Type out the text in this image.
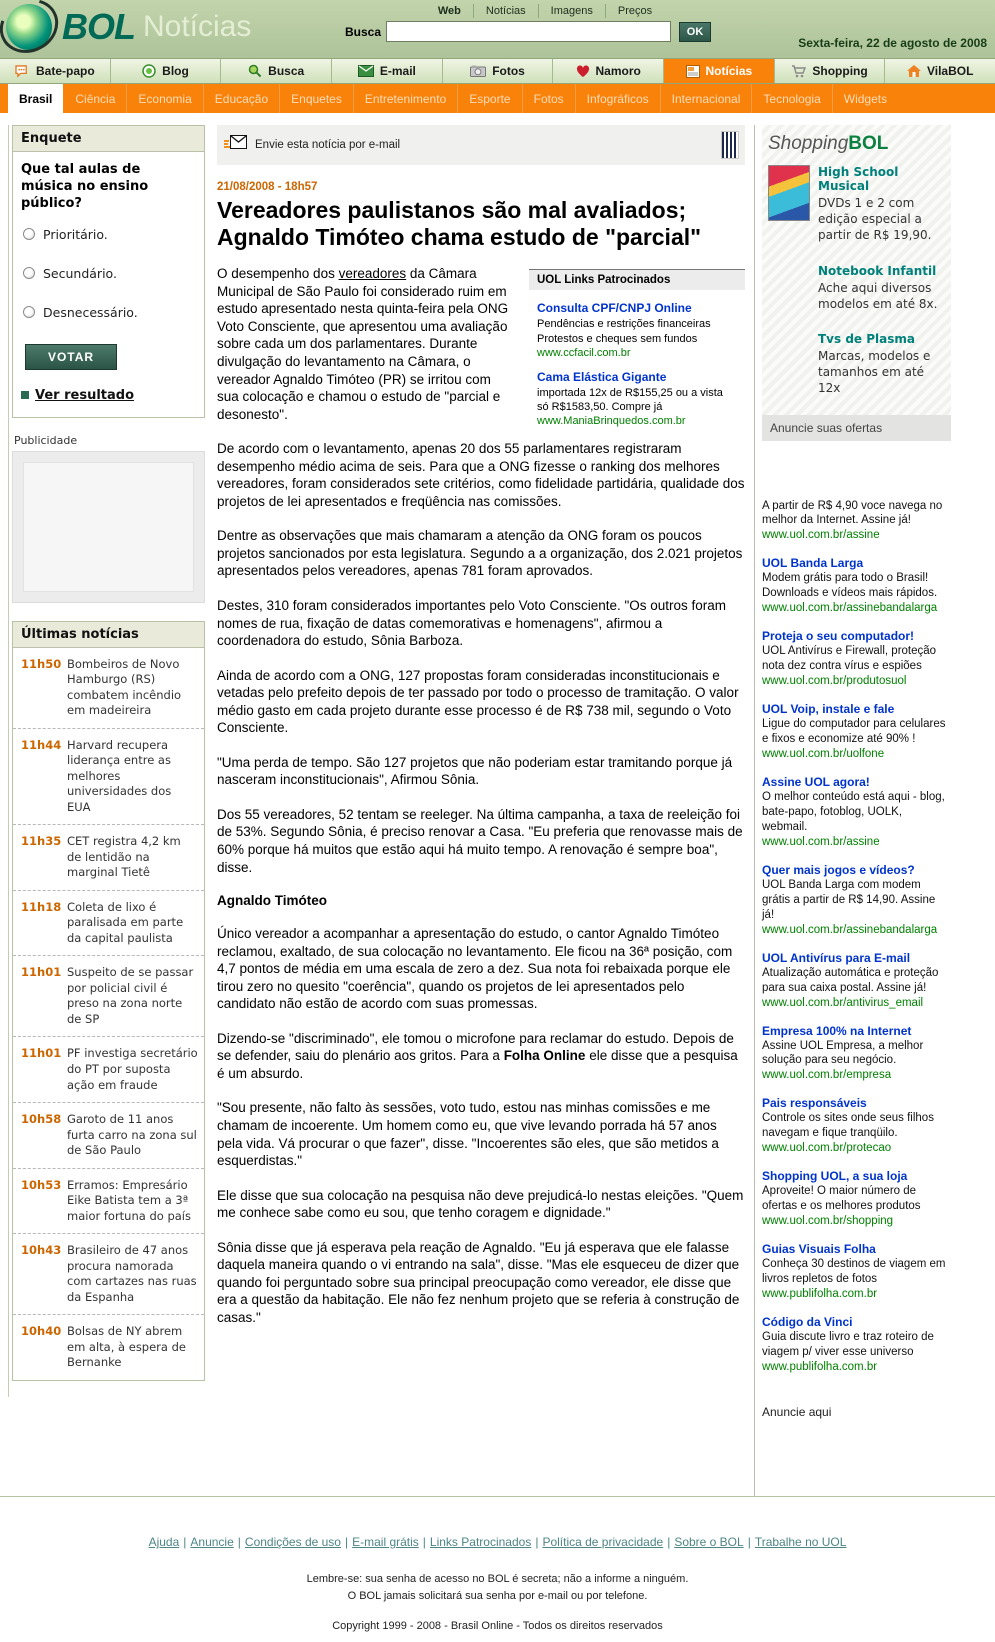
BOL Notícias	Web	Notícias	Imagens	Preços
Busca	OK
Sexta-feira, 22 de agosto de 2008
Bate-papo	Blog	Busca	E-mail	Fotos	Namoro	Notícias	Shopping	VilaBOL
Brasil	Ciência	Economia	Educação	Enquetes	Entretenimento	Esporte	Fotos	Infográficos	Internacional	Tecnologia	Widgets
Enquete
Que tal aulas de música no ensino público?
Prioritário.
Secundário.
Desnecessário.
VOTAR
Ver resultado
Publicidade
Últimas notícias
11h50 Bombeiros de Novo Hamburgo (RS) combatem incêndio em madeireira
11h44 Harvard recupera liderança entre as melhores universidades dos EUA
11h35 CET registra 4,2 km de lentidão na marginal Tietê
11h18 Coleta de lixo é paralisada em parte da capital paulista
11h01 Suspeito de se passar por policial civil é preso na zona norte de SP
11h01 PF investiga secretário do PT por suposta ação em fraude
10h58 Garoto de 11 anos furta carro na zona sul de São Paulo
10h53 Erramos: Empresário Eike Batista tem a 3ª maior fortuna do país
10h43 Brasileiro de 47 anos procura namorada com cartazes nas ruas da Espanha
10h40 Bolsas de NY abrem em alta, à espera de Bernanke
Envie esta notícia por e-mail
21/08/2008 - 18h57
Vereadores paulistanos são mal avaliados; Agnaldo Timóteo chama estudo de "parcial"
UOL Links Patrocinados
Consulta CPF/CNPJ Online
Pendências e restrições financeiras Protestos e cheques sem fundos
www.ccfacil.com.br
Cama Elástica Gigante
importada 12x de R$155,25 ou a vista só R$1583,50. Compre já
www.ManiaBrinquedos.com.br

O desempenho dos vereadores da Câmara Municipal de São Paulo foi considerado ruim em estudo apresentado nesta quinta-feira pela ONG Voto Consciente, que apresentou uma avaliação sobre cada um dos parlamentares. Durante divulgação do levantamento na Câmara, o vereador Agnaldo Timóteo (PR) se irritou com sua colocação e chamou o estudo de "parcial e desonesto".

De acordo com o levantamento, apenas 20 dos 55 parlamentares registraram desempenho médio acima de seis. Para que a ONG fizesse o ranking dos melhores vereadores, foram considerados sete critérios, como fidelidade partidária, qualidade dos projetos de lei apresentados e freqüência nas comissões.

Dentre as observações que mais chamaram a atenção da ONG foram os poucos projetos sancionados por esta legislatura. Segundo a a organização, dos 2.021 projetos apresentados pelos vereadores, apenas 781 foram aprovados.

Destes, 310 foram considerados importantes pelo Voto Consciente. "Os outros foram nomes de rua, fixação de datas comemorativas e homenagens", afirmou a coordenadora do estudo, Sônia Barboza.

Ainda de acordo com a ONG, 127 propostas foram consideradas inconstitucionais e vetadas pelo prefeito depois de ter passado por todo o processo de tramitação. O valor médio gasto em cada projeto durante esse processo é de R$ 738 mil, segundo o Voto Consciente.

"Uma perda de tempo. São 127 projetos que não poderiam estar tramitando porque já nasceram inconstitucionais", Afirmou Sônia.

Dos 55 vereadores, 52 tentam se reeleger. Na última campanha, a taxa de reeleição foi de 53%. Segundo Sônia, é preciso renovar a Casa. "Eu preferia que renovasse mais de 60% porque há muitos que estão aqui há muito tempo. A renovação é sempre boa", disse.

Agnaldo Timóteo

Único vereador a acompanhar a apresentação do estudo, o cantor Agnaldo Timóteo reclamou, exaltado, de sua colocação no levantamento. Ele ficou na 36ª posição, com 4,7 pontos de média em uma escala de zero a dez. Sua nota foi rebaixada porque ele tirou zero no quesito "coerência", quando os projetos de lei apresentados pelo candidato não estão de acordo com suas promessas.

Dizendo-se "discriminado", ele tomou o microfone para reclamar do estudo. Depois de se defender, saiu do plenário aos gritos. Para a Folha Online ele disse que a pesquisa é um absurdo.

"Sou presente, não falto às sessões, voto tudo, estou nas minhas comissões e me chamam de incoerente. Um homem como eu, que vive levando porrada há 57 anos pela vida. Vá procurar o que fazer", disse. "Incoerentes são eles, que são metidos a esquerdistas."

Ele disse que sua colocação na pesquisa não deve prejudicá-lo nestas eleições. "Quem me conhece sabe como eu sou, que tenho coragem e dignidade."

Sônia disse que já esperava pela reação de Agnaldo. "Eu já esperava que ele falasse daquela maneira quando o vi entrando na sala", disse. "Mas ele esqueceu de dizer que quando foi perguntado sobre sua principal preocupação como vereador, ele disse que era a questão da habitação. Ele não fez nenhum projeto que se referia à construção de casas."

ShoppingBOL
High School Musical
DVDs 1 e 2 com edição especial a partir de R$ 19,90.
Notebook Infantil
Ache aqui diversos modelos em até 8x.
Tvs de Plasma
Marcas, modelos e tamanhos em até 12x
Anuncie suas ofertas
A partir de R$ 4,90 voce navega no melhor da Internet. Assine já!
www.uol.com.br/assine
UOL Banda Larga
Modem grátis para todo o Brasil! Downloads e vídeos mais rápidos.
www.uol.com.br/assinebandalarga
Proteja o seu computador!
UOL Antivírus e Firewall, proteção nota dez contra vírus e espiões
www.uol.com.br/produtosuol
UOL Voip, instale e fale
Ligue do computador para celulares e fixos e economize até 90% !
www.uol.com.br/uolfone
Assine UOL agora!
O melhor conteúdo está aqui - blog, bate-papo, fotoblog, UOLK, webmail.
www.uol.com.br/assine
Quer mais jogos e vídeos?
UOL Banda Larga com modem grátis a partir de R$ 14,90. Assine já!
www.uol.com.br/assinebandalarga
UOL Antivírus para E-mail
Atualização automática e proteção para sua caixa postal. Assine já!
www.uol.com.br/antivirus_email
Empresa 100% na Internet
Assine UOL Empresa, a melhor solução para seu negócio.
www.uol.com.br/empresa
Pais responsáveis
Controle os sites onde seus filhos navegam e fique tranqüilo.
www.uol.com.br/protecao
Shopping UOL, a sua loja
Aproveite! O maior número de ofertas e os melhores produtos
www.uol.com.br/shopping
Guias Visuais Folha
Conheça 30 destinos de viagem em livros repletos de fotos
www.publifolha.com.br
Código da Vinci
Guia discute livro e traz roteiro de viagem p/ viver esse universo
www.publifolha.com.br
Anuncie aqui
Ajuda | Anuncie | Condições de uso | E-mail grátis | Links Patrocinados | Política de privacidade | Sobre o BOL | Trabalhe no UOL
Lembre-se: sua senha de acesso no BOL é secreta; não a informe a ninguém.
O BOL jamais solicitará sua senha por e-mail ou por telefone.
Copyright 1999 - 2008 - Brasil Online - Todos os direitos reservados
